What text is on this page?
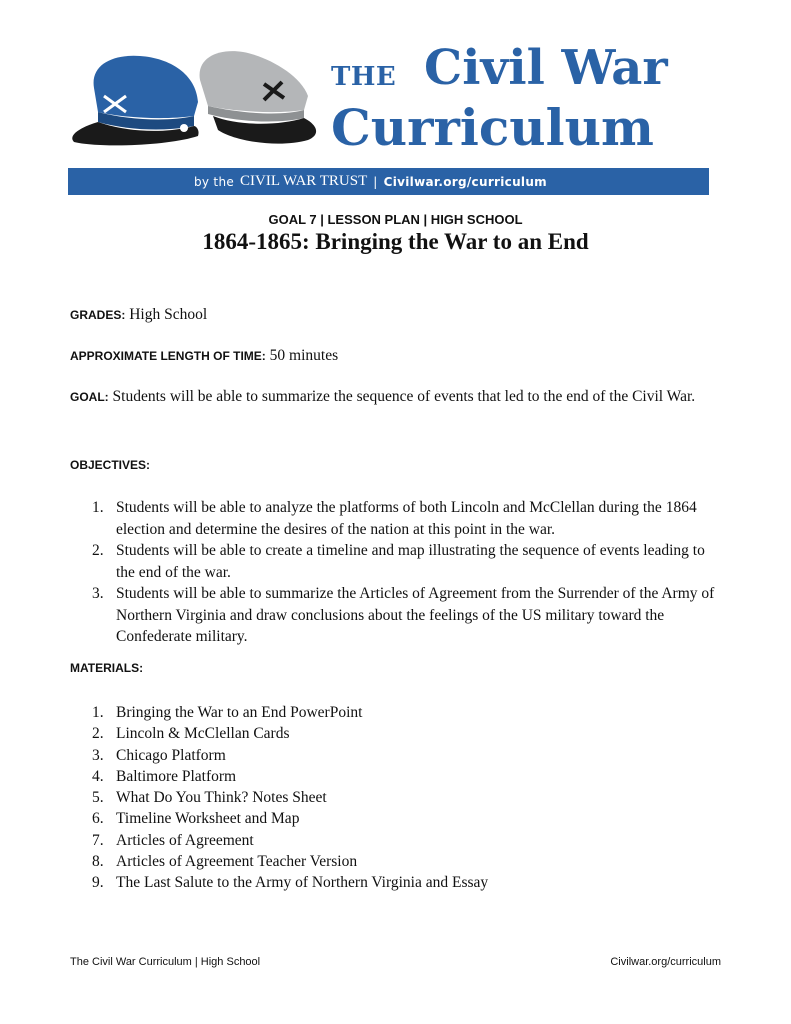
THE Civil War
Curriculum
by the CIVIL WAR TRUST | Civilwar.org/curriculum
GOAL 7 | LESSON PLAN | HIGH SCHOOL
1864-1865: Bringing the War to an End
GRADES: High School
APPROXIMATE LENGTH OF TIME: 50 minutes
GOAL: Students will be able to summarize the sequence of events that led to the end of the Civil War.
OBJECTIVES:
1. Students will be able to analyze the platforms of both Lincoln and McClellan during the 1864 election and determine the desires of the nation at this point in the war.
2. Students will be able to create a timeline and map illustrating the sequence of events leading to the end of the war.
3. Students will be able to summarize the Articles of Agreement from the Surrender of the Army of Northern Virginia and draw conclusions about the feelings of the US military toward the Confederate military.
MATERIALS:
1. Bringing the War to an End PowerPoint
2. Lincoln & McClellan Cards
3. Chicago Platform
4. Baltimore Platform
5. What Do You Think? Notes Sheet
6. Timeline Worksheet and Map
7. Articles of Agreement
8. Articles of Agreement Teacher Version
9. The Last Salute to the Army of Northern Virginia and Essay
The Civil War Curriculum | High School	Civilwar.org/curriculum
